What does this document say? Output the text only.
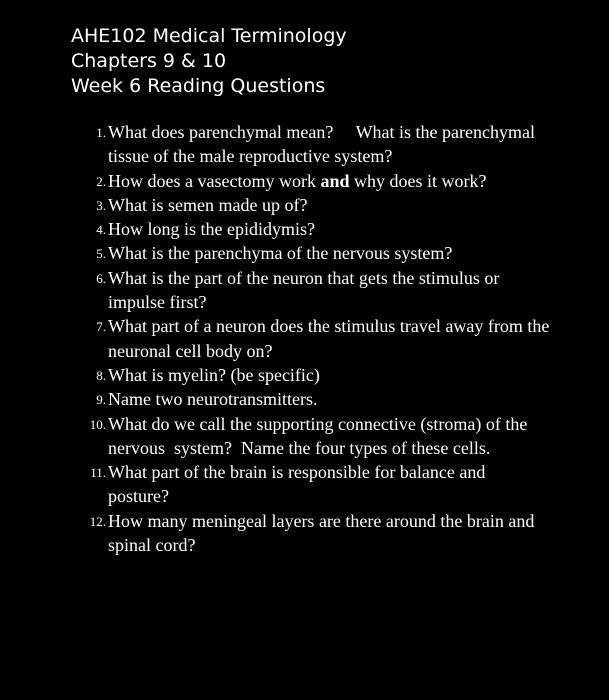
AHE102 Medical Terminology
Chapters 9 & 10
Week 6 Reading Questions
1. What does parenchymal mean?     What is the parenchymal tissue of the male reproductive system?
2. How does a vasectomy work and why does it work?
3. What is semen made up of?
4. How long is the epididymis?
5. What is the parenchyma of the nervous system?
6. What is the part of the neuron that gets the stimulus or impulse first?
7. What part of a neuron does the stimulus travel away from the neuronal cell body on?
8. What is myelin? (be specific)
9. Name two neurotransmitters.
10. What do we call the supporting connective (stroma) of the nervous  system?  Name the four types of these cells.
11. What part of the brain is responsible for balance and posture?
12. How many meningeal layers are there around the brain and spinal cord?
